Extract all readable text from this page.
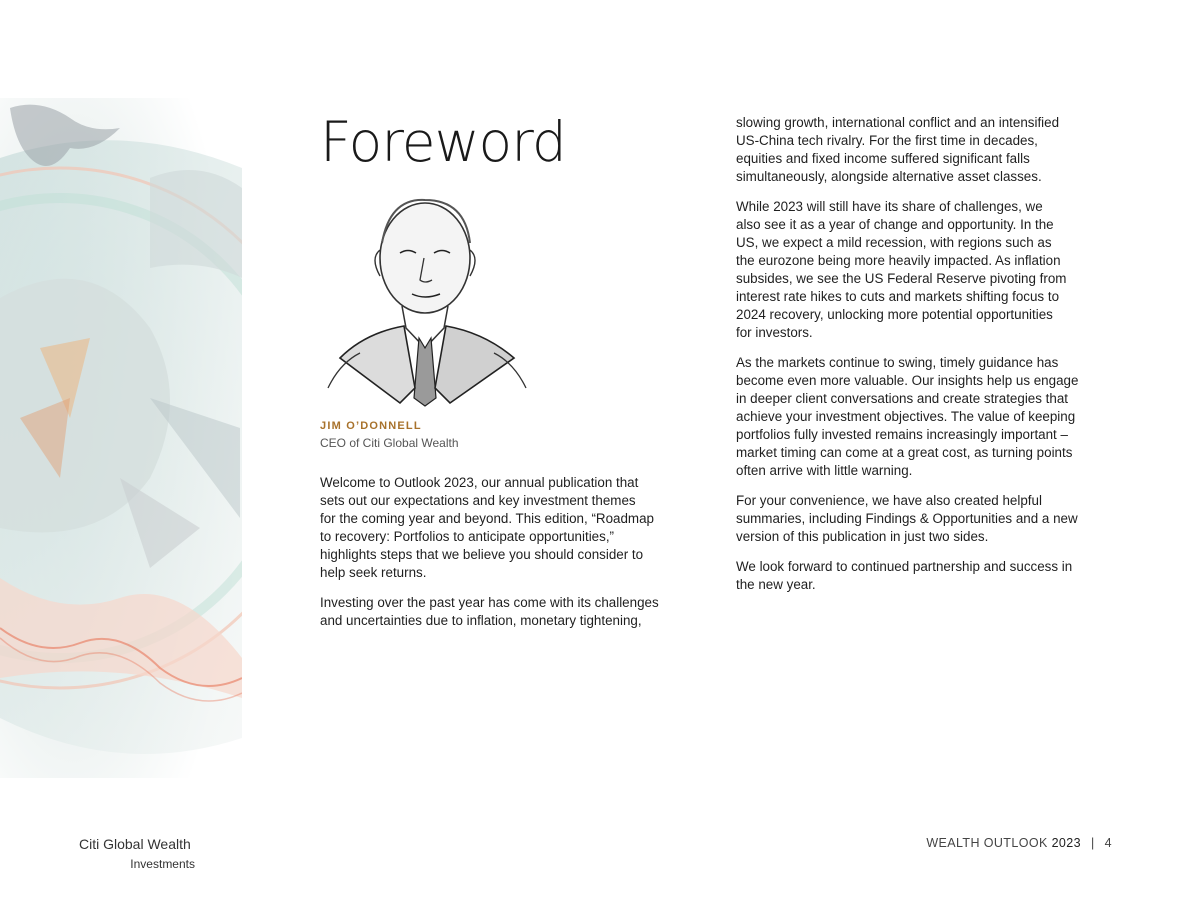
Foreword
JIM O’DONNELL
CEO of Citi Global Wealth

Welcome to Outlook 2023, our annual publication that
sets out our expectations and key investment themes
for the coming year and beyond. This edition, “Roadmap
to recovery: Portfolios to anticipate opportunities,”
highlights steps that we believe you should consider to
help seek returns.

Investing over the past year has come with its challenges
and uncertainties due to inflation, monetary tightening,

slowing growth, international conflict and an intensified
US-China tech rivalry. For the first time in decades,
equities and fixed income suffered significant falls
simultaneously, alongside alternative asset classes.

While 2023 will still have its share of challenges, we
also see it as a year of change and opportunity. In the
US, we expect a mild recession, with regions such as
the eurozone being more heavily impacted. As inflation
subsides, we see the US Federal Reserve pivoting from
interest rate hikes to cuts and markets shifting focus to
2024 recovery, unlocking more potential opportunities
for investors.

As the markets continue to swing, timely guidance has
become even more valuable. Our insights help us engage
in deeper client conversations and create strategies that
achieve your investment objectives. The value of keeping
portfolios fully invested remains increasingly important –
market timing can come at a great cost, as turning points
often arrive with little warning.

For your convenience, we have also created helpful
summaries, including Findings & Opportunities and a new
version of this publication in just two sides.

We look forward to continued partnership and success in
the new year.

Citi Global Wealth
Investments
WEALTH OUTLOOK 2023 | 4
